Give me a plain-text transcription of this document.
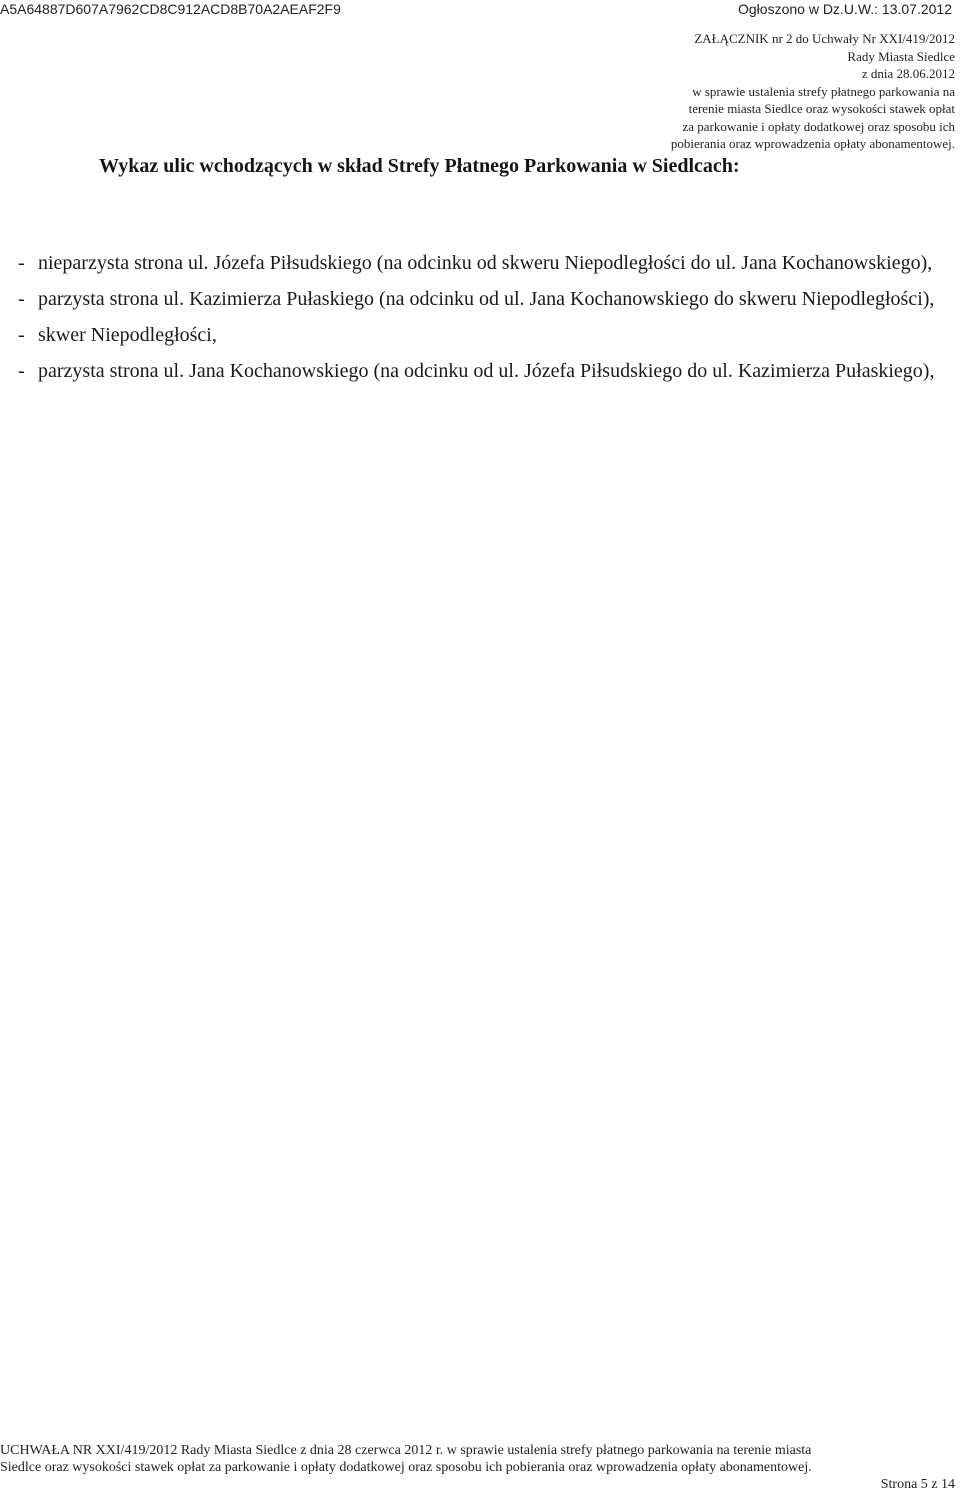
A5A64887D607A7962CD8C912ACD8B70A2AEAF2F9	Ogłoszono w Dz.U.W.: 13.07.2012
ZAŁĄCZNIK nr 2 do Uchwały Nr XXI/419/2012
Rady Miasta Siedlce
z dnia 28.06.2012
w sprawie ustalenia strefy płatnego parkowania na
terenie miasta Siedlce oraz wysokości stawek opłat
za parkowanie i opłaty dodatkowej oraz sposobu ich
pobierania oraz wprowadzenia opłaty abonamentowej.
Wykaz ulic wchodzących w skład Strefy Płatnego Parkowania w Siedlcach:
- nieparzysta strona ul. Józefa Piłsudskiego (na odcinku od skweru Niepodległości do ul. Jana Kochanowskiego),
- parzysta strona ul. Kazimierza Pułaskiego (na odcinku od ul. Jana Kochanowskiego do skweru Niepodległości),
- skwer Niepodległości,
- parzysta strona ul. Jana Kochanowskiego (na odcinku od ul. Józefa Piłsudskiego do ul. Kazimierza Pułaskiego),
UCHWAŁA NR XXI/419/2012 Rady Miasta Siedlce z dnia 28 czerwca 2012 r. w sprawie ustalenia strefy płatnego parkowania na terenie miasta
Siedlce oraz wysokości stawek opłat za parkowanie i opłaty dodatkowej oraz sposobu ich pobierania oraz wprowadzenia opłaty abonamentowej.
Strona 5 z 14
